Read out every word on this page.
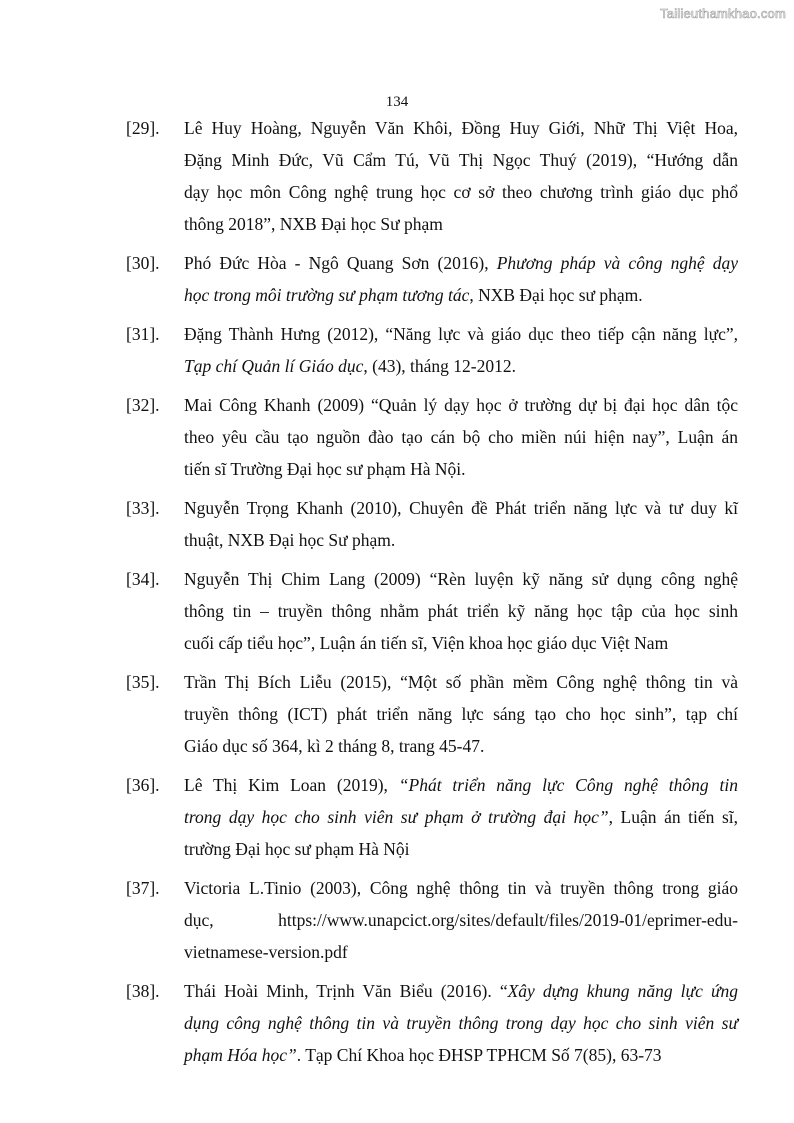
Tailieuthamkhao.com
134
[29].	Lê Huy Hoàng, Nguyễn Văn Khôi, Đồng Huy Giới, Nhữ Thị Việt Hoa,
Đặng Minh Đức, Vũ Cẩm Tú, Vũ Thị Ngọc Thuý (2019), “Hướng dẫn
dạy học môn Công nghệ trung học cơ sở theo chương trình giáo dục phổ
thông 2018”, NXB Đại học Sư phạm
[30].	Phó Đức Hòa - Ngô Quang Sơn (2016), Phương pháp và công nghệ dạy
học trong môi trường sư phạm tương tác, NXB Đại học sư phạm.
[31].	Đặng Thành Hưng (2012), “Năng lực và giáo dục theo tiếp cận năng lực”,
Tạp chí Quản lí Giáo dục, (43), tháng 12-2012.
[32].	Mai Công Khanh (2009) “Quản lý dạy học ở trường dự bị đại học dân tộc
theo yêu cầu tạo nguồn đào tạo cán bộ cho miền núi hiện nay”, Luận án
tiến sĩ Trường Đại học sư phạm Hà Nội.
[33].	Nguyễn Trọng Khanh (2010), Chuyên đề Phát triển năng lực và tư duy kĩ
thuật, NXB Đại học Sư phạm.
[34].	Nguyễn Thị Chim Lang (2009) “Rèn luyện kỹ năng sử dụng công nghệ
thông tin – truyền thông nhằm phát triển kỹ năng học tập của học sinh
cuối cấp tiểu học”, Luận án tiến sĩ, Viện khoa học giáo dục Việt Nam
[35].	Trần Thị Bích Liễu (2015), “Một số phần mềm Công nghệ thông tin và
truyền thông (ICT) phát triển năng lực sáng tạo cho học sinh”, tạp chí
Giáo dục số 364, kì 2 tháng 8, trang 45-47.
[36].	Lê Thị Kim Loan (2019), “Phát triển năng lực Công nghệ thông tin
trong dạy học cho sinh viên sư phạm ở trường đại học”, Luận án tiến sĩ,
trường Đại học sư phạm Hà Nội
[37].	Victoria L.Tinio (2003), Công nghệ thông tin và truyền thông trong giáo
dục, https://www.unapcict.org/sites/default/files/2019-01/eprimer-edu-
vietnamese-version.pdf
[38].	Thái Hoài Minh, Trịnh Văn Biểu (2016). “Xây dựng khung năng lực ứng
dụng công nghệ thông tin và truyền thông trong dạy học cho sinh viên sư
phạm Hóa học”. Tạp Chí Khoa học ĐHSP TPHCM Số 7(85), 63-73
